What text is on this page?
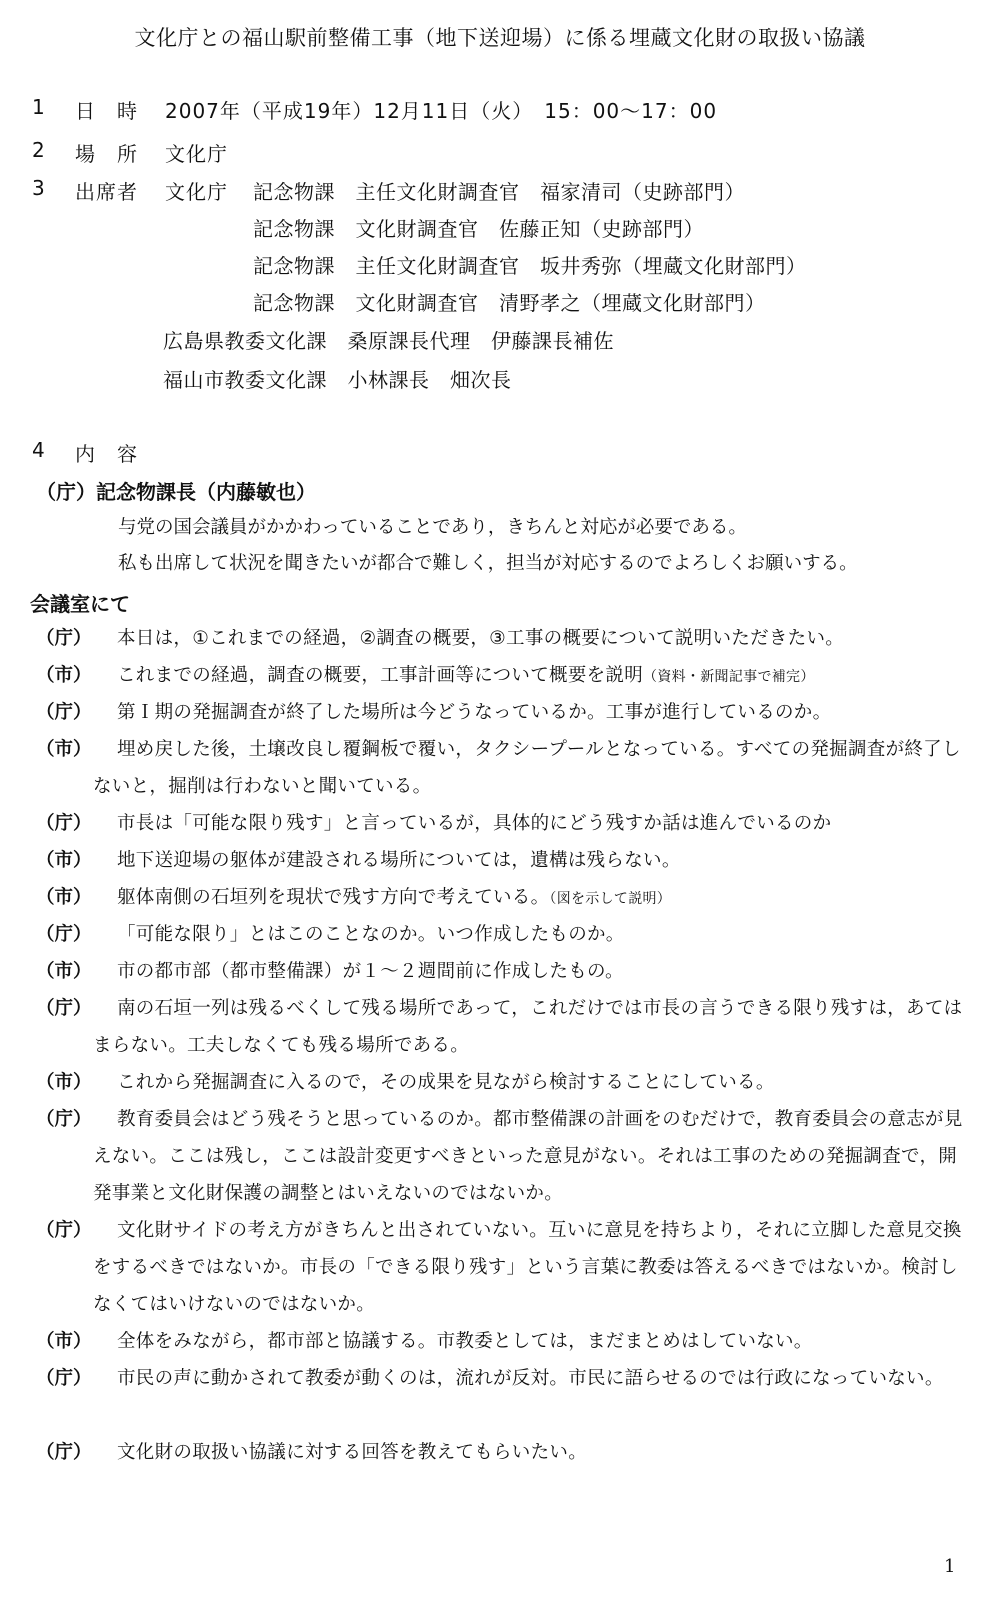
文化庁との福山駅前整備工事（地下送迎場）に係る埋蔵文化財の取扱い協議
1 日　時 2007年（平成19年）12月11日（火）　15：00～17：00
2 場　所 文化庁
3 出席者 文化庁 記念物課　主任文化財調査官　福家清司（史跡部門）
記念物課　文化財調査官　佐藤正知（史跡部門）
記念物課　主任文化財調査官　坂井秀弥（埋蔵文化財部門）
記念物課　文化財調査官　清野孝之（埋蔵文化財部門）
広島県教委文化課　桑原課長代理　伊藤課長補佐
福山市教委文化課　小林課長　畑次長
4 内　容
（庁）記念物課長（内藤敏也）
与党の国会議員がかかわっていることであり，きちんと対応が必要である。
私も出席して状況を聞きたいが都合で難しく，担当が対応するのでよろしくお願いする。
会議室にて
（庁）	本日は，①これまでの経過，②調査の概要，③工事の概要について説明いただきたい。
（市）	これまでの経過，調査の概要，工事計画等について概要を説明（資料・新聞記事で補完）
（庁）	第Ｉ期の発掘調査が終了した場所は今どうなっているか。工事が進行しているのか。
（市）	埋め戻した後，土壌改良し覆鋼板で覆い，タクシープールとなっている。すべての発掘調査が終了しないと，掘削は行わないと聞いている。
（庁）	市長は「可能な限り残す」と言っているが，具体的にどう残すか話は進んでいるのか
（市）	地下送迎場の躯体が建設される場所については，遺構は残らない。
（市）	躯体南側の石垣列を現状で残す方向で考えている。（図を示して説明）
（庁）	「可能な限り」とはこのことなのか。いつ作成したものか。
（市）	市の都市部（都市整備課）が１～２週間前に作成したもの。
（庁）	南の石垣一列は残るべくして残る場所であって，これだけでは市長の言うできる限り残すは，あてはまらない。工夫しなくても残る場所である。
（市）	これから発掘調査に入るので，その成果を見ながら検討することにしている。
（庁）	教育委員会はどう残そうと思っているのか。都市整備課の計画をのむだけで，教育委員会の意志が見えない。ここは残し，ここは設計変更すべきといった意見がない。それは工事のための発掘調査で，開発事業と文化財保護の調整とはいえないのではないか。
（庁）	文化財サイドの考え方がきちんと出されていない。互いに意見を持ちより，それに立脚した意見交換をするべきではないか。市長の「できる限り残す」という言葉に教委は答えるべきではないか。検討しなくてはいけないのではないか。
（市）	全体をみながら，都市部と協議する。市教委としては，まだまとめはしていない。
（庁）	市民の声に動かされて教委が動くのは，流れが反対。市民に語らせるのでは行政になっていない。
（庁）	文化財の取扱い協議に対する回答を教えてもらいたい。
1
